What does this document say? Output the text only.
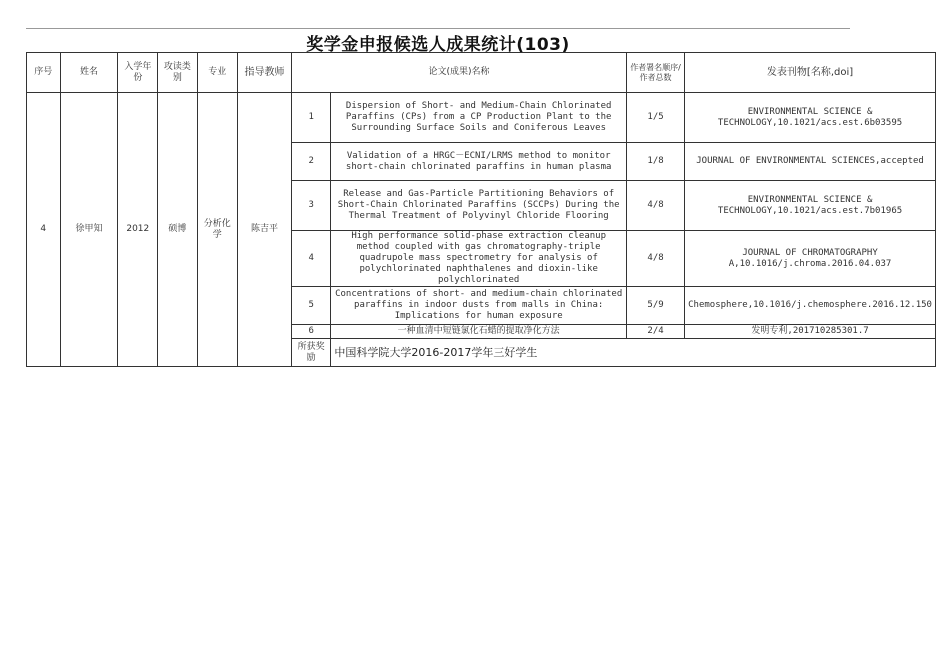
奖学金申报候选人成果统计(103)
序号	姓名	入学年份	攻读类别	专业	指导教师	论文(成果)名称		作者署名顺序/作者总数	发表刊物[名称,doi]
4	徐甲知	2012	硕博	分析化学	陈吉平	1	Dispersion of Short- and Medium-Chain Chlorinated Paraffins (CPs) from a CP Production Plant to the Surrounding Surface Soils and Coniferous Leaves	1/5	ENVIRONMENTAL SCIENCE & TECHNOLOGY,10.1021/acs.est.6b03595
						2	Validation of a HRGC－ECNI/LRMS method to monitor short-chain chlorinated paraffins in human plasma	1/8	JOURNAL OF ENVIRONMENTAL SCIENCES,accepted
						3	Release and Gas-Particle Partitioning Behaviors of Short-Chain Chlorinated Paraffins (SCCPs) During the Thermal Treatment of Polyvinyl Chloride Flooring	4/8	ENVIRONMENTAL SCIENCE & TECHNOLOGY,10.1021/acs.est.7b01965
						4	High performance solid-phase extraction cleanup method coupled with gas chromatography-triple quadrupole mass spectrometry for analysis of polychlorinated naphthalenes and dioxin-like polychlorinated	4/8	JOURNAL OF CHROMATOGRAPHY A,10.1016/j.chroma.2016.04.037
						5	Concentrations of short- and medium-chain chlorinated paraffins in indoor dusts from malls in China: Implications for human exposure	5/9	Chemosphere,10.1016/j.chemosphere.2016.12.150
						6	一种血清中短链氯化石蜡的提取净化方法	2/4	发明专利,201710285301.7
						所获奖励	中国科学院大学2016-2017学年三好学生		
